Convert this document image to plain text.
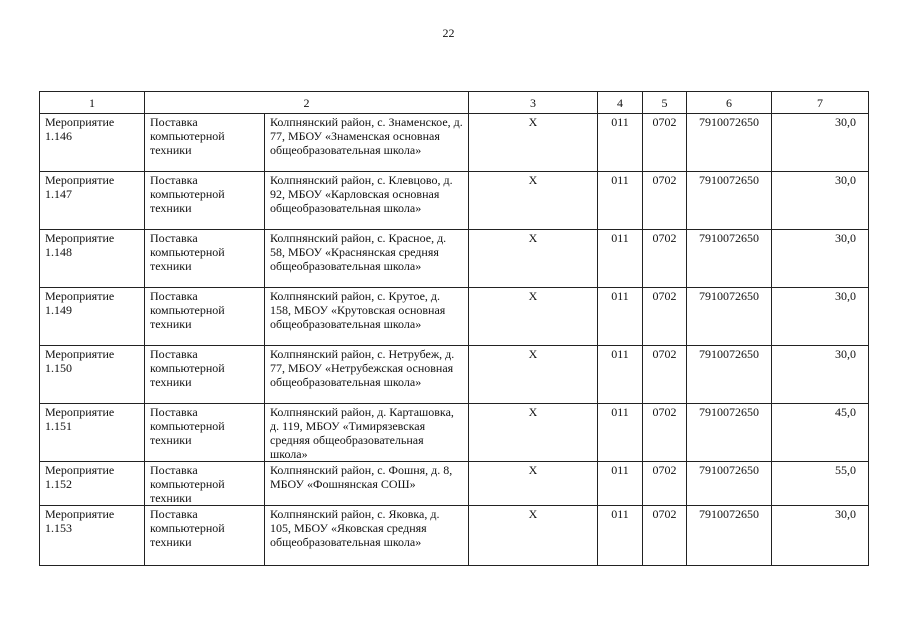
22
1	2		3	4	5	6	7
Мероприятие 1.146	Поставка компьютерной техники	Колпнянский район, с. Знаменское, д. 77, МБОУ «Знаменская основная общеобразовательная школа»	Х	011	0702	7910072650	30,0
Мероприятие 1.147	Поставка компьютерной техники	Колпнянский район, с. Клевцово, д. 92, МБОУ «Карловская основная общеобразовательная школа»	Х	011	0702	7910072650	30,0
Мероприятие 1.148	Поставка компьютерной техники	Колпнянский район, с. Красное, д. 58, МБОУ «Краснянская средняя общеобразовательная школа»	Х	011	0702	7910072650	30,0
Мероприятие 1.149	Поставка компьютерной техники	Колпнянский район, с. Крутое, д. 158, МБОУ «Крутовская основная общеобразовательная школа»	Х	011	0702	7910072650	30,0
Мероприятие 1.150	Поставка компьютерной техники	Колпнянский район, с. Нетрубеж, д. 77, МБОУ «Нетрубежская основная общеобразовательная школа»	Х	011	0702	7910072650	30,0
Мероприятие 1.151	Поставка компьютерной техники	Колпнянский район, д. Карташовка, д. 119, МБОУ «Тимирязевская средняя общеобразовательная школа»	Х	011	0702	7910072650	45,0
Мероприятие 1.152	Поставка компьютерной техники	Колпнянский район, с. Фошня, д. 8, МБОУ «Фошнянская СОШ»	Х	011	0702	7910072650	55,0
Мероприятие 1.153	Поставка компьютерной техники	Колпнянский район, с. Яковка, д. 105, МБОУ «Яковская средняя общеобразовательная школа»	Х	011	0702	7910072650	30,0
